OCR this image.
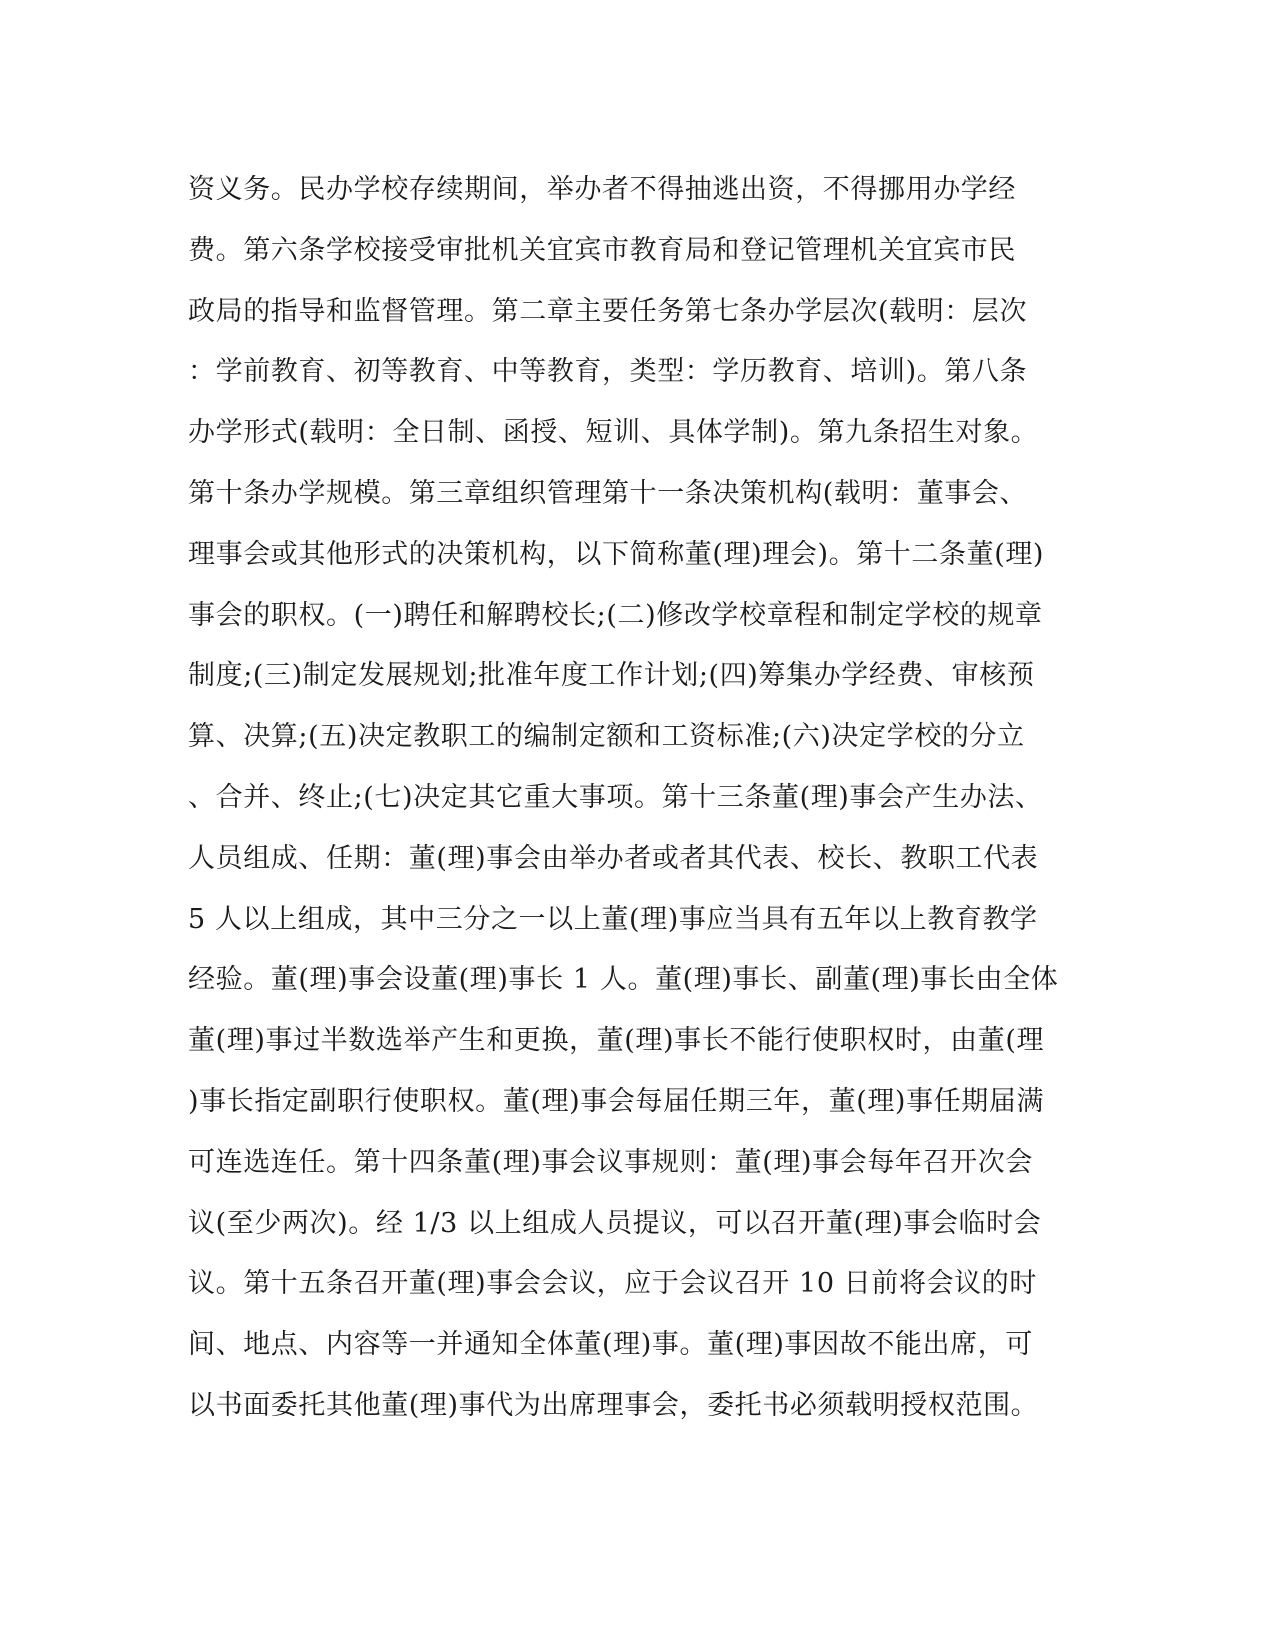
资义务。民办学校存续期间，举办者不得抽逃出资，不得挪用办学经
费。第六条学校接受审批机关宜宾市教育局和登记管理机关宜宾市民
政局的指导和监督管理。第二章主要任务第七条办学层次(载明：层次
：学前教育、初等教育、中等教育，类型：学历教育、培训)。第八条
办学形式(载明：全日制、函授、短训、具体学制)。第九条招生对象。
第十条办学规模。第三章组织管理第十一条决策机构(载明：董事会、
理事会或其他形式的决策机构，以下简称董(理)理会)。第十二条董(理)
事会的职权。(一)聘任和解聘校长;(二)修改学校章程和制定学校的规章
制度;(三)制定发展规划;批准年度工作计划;(四)筹集办学经费、审核预
算、决算;(五)决定教职工的编制定额和工资标准;(六)决定学校的分立
、合并、终止;(七)决定其它重大事项。第十三条董(理)事会产生办法、
人员组成、任期：董(理)事会由举办者或者其代表、校长、教职工代表
5 人以上组成，其中三分之一以上董(理)事应当具有五年以上教育教学
经验。董(理)事会设董(理)事长 1 人。董(理)事长、副董(理)事长由全体
董(理)事过半数选举产生和更换，董(理)事长不能行使职权时，由董(理
)事长指定副职行使职权。董(理)事会每届任期三年，董(理)事任期届满
可连选连任。第十四条董(理)事会议事规则：董(理)事会每年召开次会
议(至少两次)。经 1/3 以上组成人员提议，可以召开董(理)事会临时会
议。第十五条召开董(理)事会会议，应于会议召开 10 日前将会议的时
间、地点、内容等一并通知全体董(理)事。董(理)事因故不能出席，可
以书面委托其他董(理)事代为出席理事会，委托书必须载明授权范围。
